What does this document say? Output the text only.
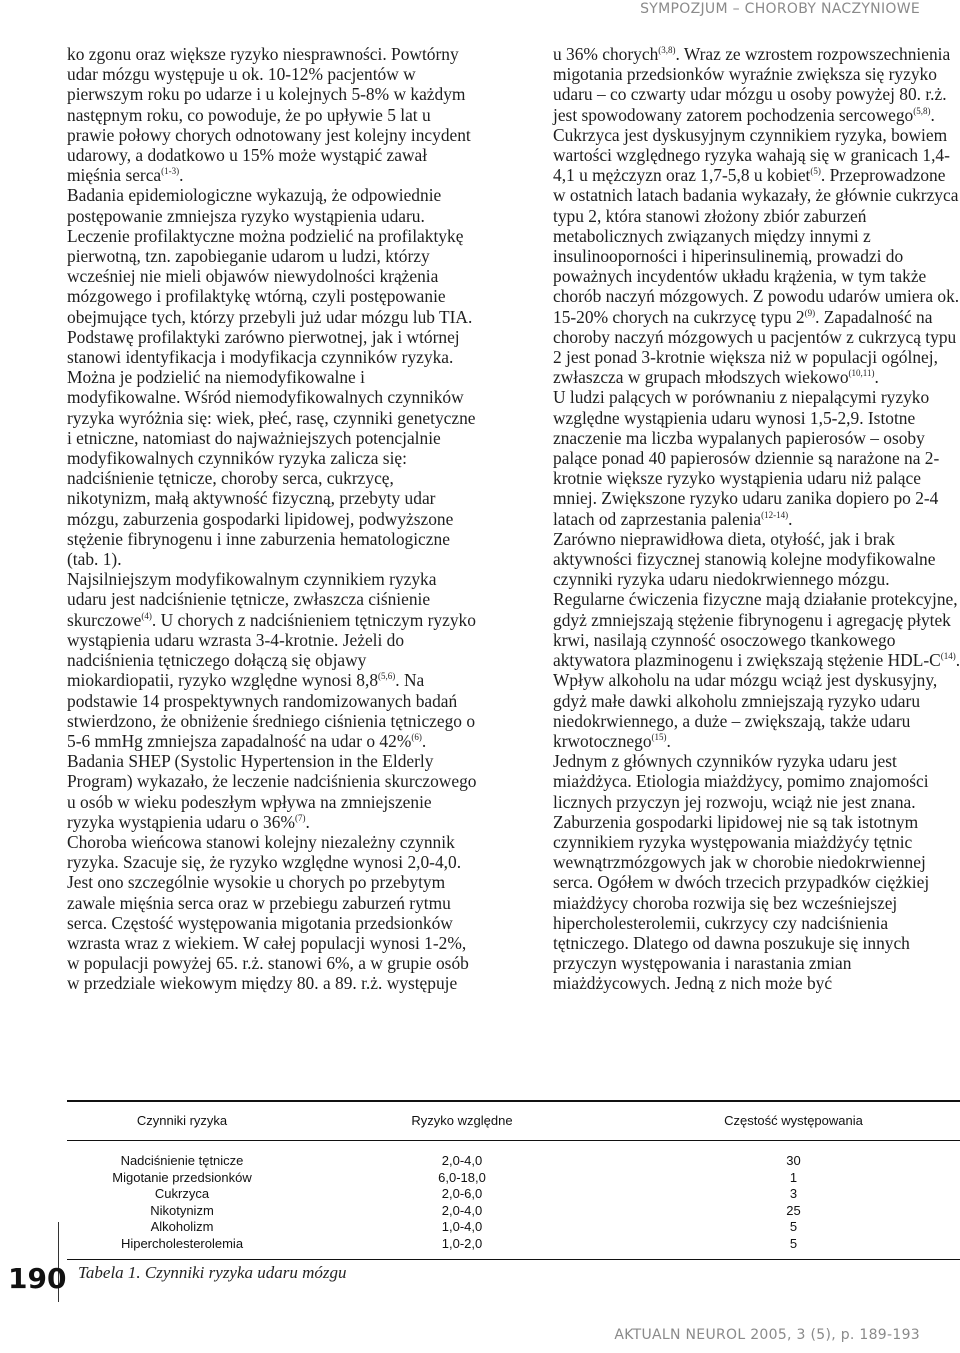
SYMPOZJUM – CHOROBY NACZYNIOWE

ko zgonu oraz większe ryzyko niesprawności. Powtórny udar mózgu występuje u ok. 10-12% pacjentów w pierwszym roku po udarze i u kolejnych 5-8% w każdym następnym roku, co powoduje, że po upływie 5 lat u prawie połowy chorych odnotowany jest kolejny incydent udarowy, a dodatkowo u 15% może wystąpić zawał mięśnia serca$^{(1-3)}$.

Badania epidemiologiczne wykazują, że odpowiednie postępowanie zmniejsza ryzyko wystąpienia udaru. Leczenie profilaktyczne można podzielić na profilaktykę pierwotną, tzn. zapobieganie udarom u ludzi, którzy wcześniej nie mieli objawów niewydolności krążenia mózgowego i profilaktykę wtórną, czyli postępowanie obejmujące tych, którzy przebyli już udar mózgu lub TIA.

Podstawę profilaktyki zarówno pierwotnej, jak i wtórnej stanowi identyfikacja i modyfikacja czynników ryzyka. Można je podzielić na niemodyfikowalne i modyfikowalne. Wśród niemodyfikowalnych czynników ryzyka wyróżnia się: wiek, płeć, rasę, czynniki genetyczne i etniczne, natomiast do najważniejszych potencjalnie modyfikowalnych czynników ryzyka zalicza się: nadciśnienie tętnicze, choroby serca, cukrzycę, nikotynizm, małą aktywność fizyczną, przebyty udar mózgu, zaburzenia gospodarki lipidowej, podwyższone stężenie fibrynogenu i inne zaburzenia hematologiczne (tab. 1).

Najsilniejszym modyfikowalnym czynnikiem ryzyka udaru jest nadciśnienie tętnicze, zwłaszcza ciśnienie skurczowe$^{(4)}$. U chorych z nadciśnieniem tętniczym ryzyko wystąpienia udaru wzrasta 3-4-krotnie. Jeżeli do nadciśnienia tętniczego dołączą się objawy miokardiopatii, ryzyko względne wynosi 8,8$^{(5,6)}$. Na podstawie 14 prospektywnych randomizowanych badań stwierdzono, że obniżenie średniego ciśnienia tętniczego o 5-6 mmHg zmniejsza zapadalność na udar o 42%$^{(6)}$. Badania SHEP (Systolic Hypertension in the Elderly Program) wykazało, że leczenie nadciśnienia skurczowego u osób w wieku podeszłym wpływa na zmniejszenie ryzyka wystąpienia udaru o 36%$^{(7)}$.

Choroba wieńcowa stanowi kolejny niezależny czynnik ryzyka. Szacuje się, że ryzyko względne wynosi 2,0-4,0. Jest ono szczególnie wysokie u chorych po przebytym zawale mięśnia serca oraz w przebiegu zaburzeń rytmu serca. Częstość występowania migotania przedsionków wzrasta wraz z wiekiem. W całej populacji wynosi 1-2%, w populacji powyżej 65. r.ż. stanowi 6%, a w grupie osób w przedziale wiekowym między 80. a 89. r.ż. występuje

u 36% chorych$^{(3,8)}$. Wraz ze wzrostem rozpowszechnienia migotania przedsionków wyraźnie zwiększa się ryzyko udaru – co czwarty udar mózgu u osoby powyżej 80. r.ż. jest spowodowany zatorem pochodzenia sercowego$^{(5,8)}$.

Cukrzyca jest dyskusyjnym czynnikiem ryzyka, bowiem wartości względnego ryzyka wahają się w granicach 1,4-4,1 u mężczyzn oraz 1,7-5,8 u kobiet$^{(5)}$. Przeprowadzone w ostatnich latach badania wykazały, że głównie cukrzyca typu 2, która stanowi złożony zbiór zaburzeń metabolicznych związanych między innymi z insulinooporności i hiperinsulinemią, prowadzi do poważnych incydentów układu krążenia, w tym także chorób naczyń mózgowych. Z powodu udarów umiera ok. 15-20% chorych na cukrzycę typu 2$^{(9)}$. Zapadalność na choroby naczyń mózgowych u pacjentów z cukrzycą typu 2 jest ponad 3-krotnie większa niż w populacji ogólnej, zwłaszcza w grupach młodszych wiekowo$^{(10,11)}$.

U ludzi palących w porównaniu z niepalącymi ryzyko względne wystąpienia udaru wynosi 1,5-2,9. Istotne znaczenie ma liczba wypalanych papierosów – osoby palące ponad 40 papierosów dziennie są narażone na 2-krotnie większe ryzyko wystąpienia udaru niż palące mniej. Zwiększone ryzyko udaru zanika dopiero po 2-4 latach od zaprzestania palenia$^{(12-14)}$.

Zarówno nieprawidłowa dieta, otyłość, jak i brak aktywności fizycznej stanowią kolejne modyfikowalne czynniki ryzyka udaru niedokrwiennego mózgu. Regularne ćwiczenia fizyczne mają działanie protekcyjne, gdyż zmniejszają stężenie fibrynogenu i agregację płytek krwi, nasilają czynność osoczowego tkankowego aktywatora plazminogenu i zwiększają stężenie HDL-$C^{(14)}$.

Wpływ alkoholu na udar mózgu wciąż jest dyskusyjny, gdyż małe dawki alkoholu zmniejszają ryzyko udaru niedokrwiennego, a duże – zwiększają, także udaru krwotocznego$^{(15)}$.

Jednym z głównych czynników ryzyka udaru jest miażdżyca. Etiologia miażdżycy, pomimo znajomości licznych przyczyn jej rozwoju, wciąż nie jest znana. Zaburzenia gospodarki lipidowej nie są tak istotnym czynnikiem ryzyka występowania miażdżyćy tętnic wewnątrzmózgowych jak w chorobie niedokrwiennej serca. Ogółem w dwóch trzecich przypadków ciężkiej miażdżycy choroba rozwija się bez wcześniejszej hipercholesterolemii, cukrzycy czy nadciśnienia tętniczego. Dlatego od dawna poszukuje się innych przyczyn występowania i narastania zmian miażdżycowych. Jedną z nich może być

Czynniki ryzyka	Ryzyko względne	Częstość występowania
Nadciśnienie tętnicze	2,0-4,0	30
Migotanie przedsionków	6,0-18,0	1
Cukrzyca	2,0-6,0	3
Nikotynizm	2,0-4,0	25
Alkoholizm	1,0-4,0	5
Hipercholesterolemia	1,0-2,0	5
190 Tabela 1. Czynniki ryzyka udaru mózgu
AKTUALN NEUROL 2005, 3 (5), p. 189-193
